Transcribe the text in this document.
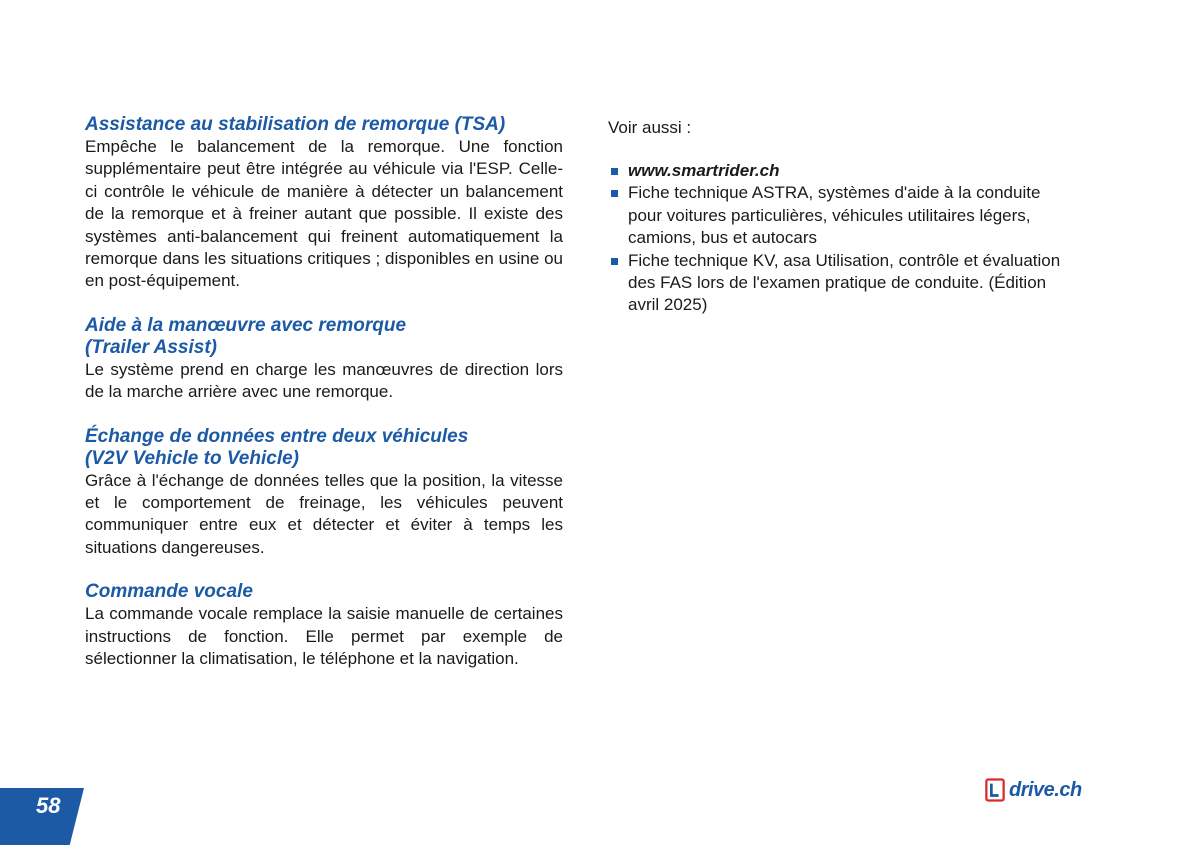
Assistance au stabilisation de remorque (TSA)

Empêche le balancement de la remorque. Une fonction supplémentaire peut être intégrée au véhicule via l'ESP. Celle-ci contrôle le véhicule de manière à détecter un balancement de la remorque et à freiner autant que possible. Il existe des systèmes anti-balancement qui freinent automatiquement la remorque dans les situations critiques ; disponibles en usine ou en post-équipement.

Aide à la manœuvre avec remorque
(Trailer Assist)

Le système prend en charge les manœuvres de direction lors de la marche arrière avec une remorque.

Échange de données entre deux véhicules
(V2V Vehicle to Vehicle)

Grâce à l'échange de données telles que la position, la vitesse et le comportement de freinage, les véhicules peuvent communiquer entre eux et détecter et éviter à temps les situations dangereuses.

Commande vocale

La commande vocale remplace la saisie manuelle de certaines instructions de fonction. Elle permet par exemple de sélectionner la climatisation, le téléphone et la navigation.

Voir aussi :

www.smartrider.ch
Fiche technique ASTRA, systèmes d'aide à la conduite pour voitures particulières, véhicules utilitaires légers, camions, bus et autocars
Fiche technique KV, asa Utilisation, contrôle et évaluation des FAS lors de l'examen pratique de conduite. (Édition avril 2025)
58
drive.ch
